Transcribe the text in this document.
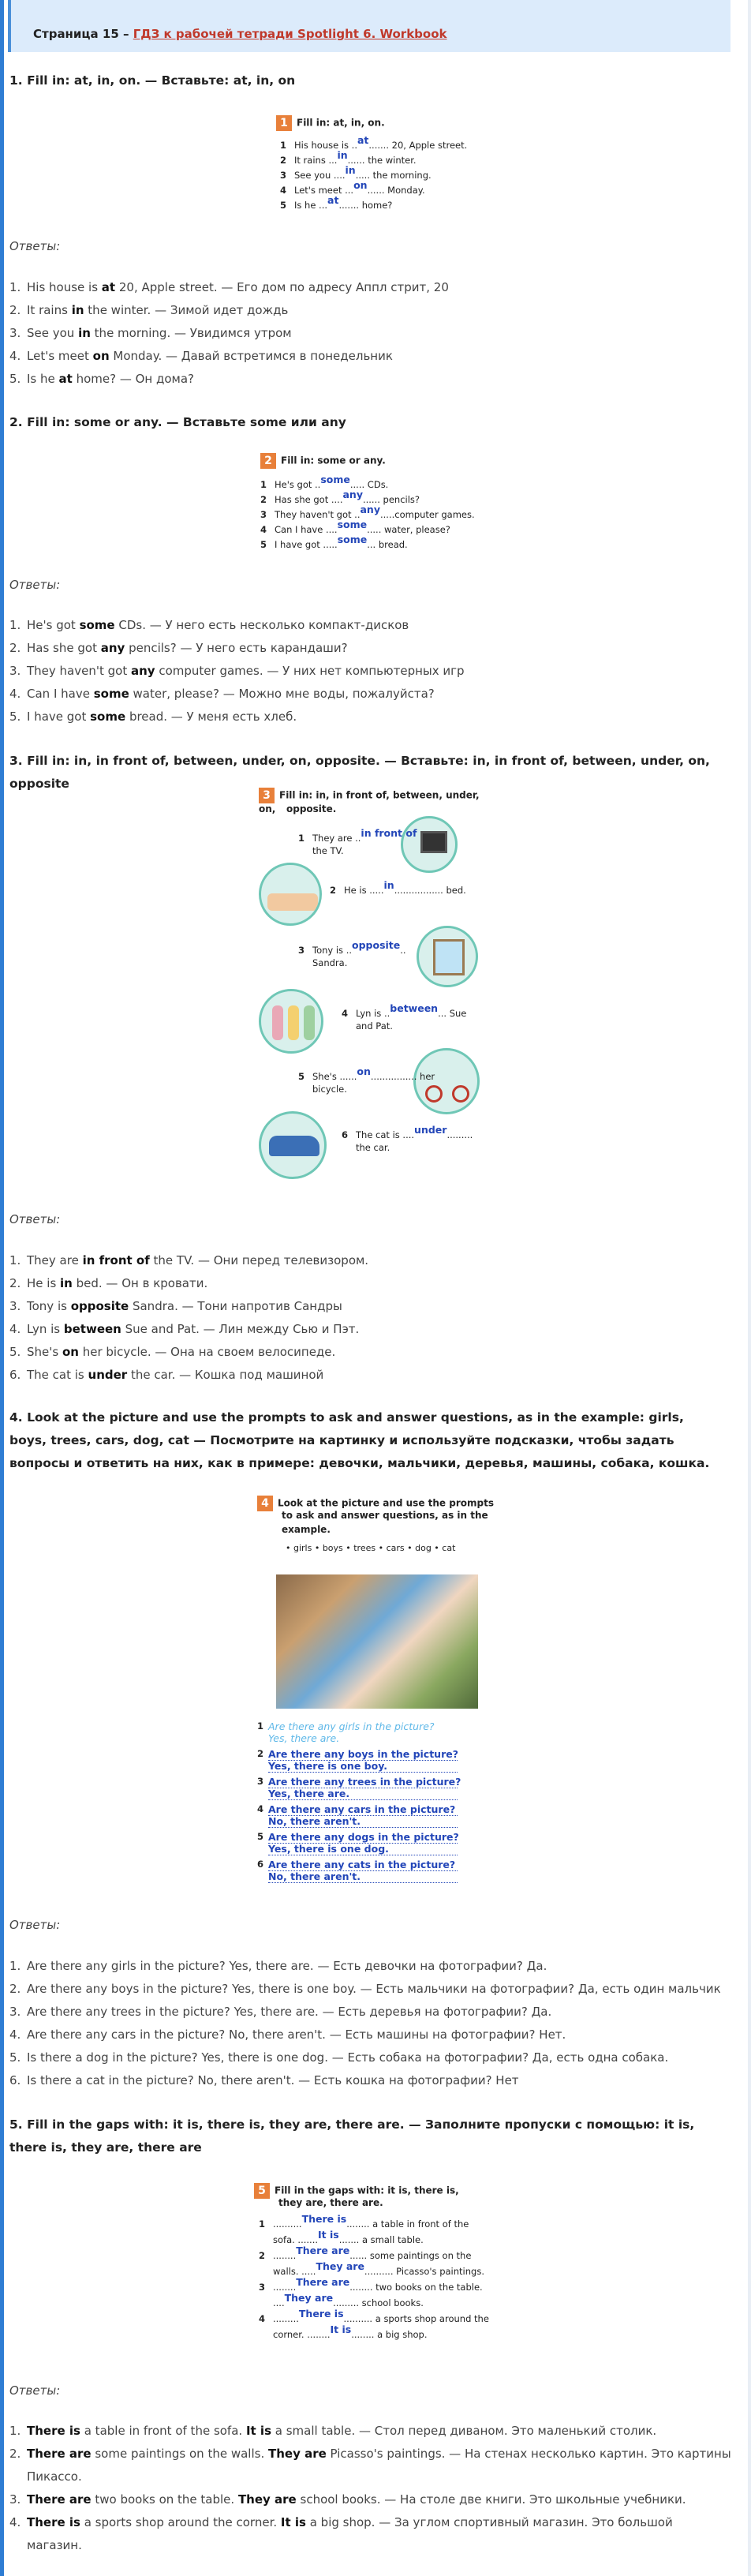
Страница 15 – ГДЗ к рабочей тетради Spotlight 6. Workbook
1. Fill in: at, in, on. — Вставьте: at, in, on
1 Fill in: at, in, on.
1 His house is ..at....... 20, Apple street.
2 It rains ...in...... the winter.
3 See you ....in..... the morning.
4 Let's meet ...on...... Monday.
5 Is he ...at....... home?
Ответы:
1. His house is at 20, Apple street. — Его дом по адресу Аппл стрит, 20
2. It rains in the winter. — Зимой идет дождь
3. See you in the morning. — Увидимся утром
4. Let's meet on Monday. — Давай встретимся в понедельник
5. Is he at home? — Он дома?
2. Fill in: some or any. — Вставьте some или any
2 Fill in: some or any.
1 He's got ..some..... CDs.
2 Has she got ....any...... pencils?
3 They haven't got ..any.....computer games.
4 Can I have ....some..... water, please?
5 I have got .....some... bread.
Ответы:
1. He's got some CDs. — У него есть несколько компакт-дисков
2. Has she got any pencils? — У него есть карандаши?
3. They haven't got any computer games. — У них нет компьютерных игр
4. Can I have some water, please? — Можно мне воды, пожалуйста?
5. I have got some bread. — У меня есть хлеб.
3. Fill in: in, in front of, between, under, on, opposite. — Вставьте: in, in front of, between, under, on, opposite
3 Fill in: in, in front of, between, under, on,	opposite.
1 They are ..in front of
the TV.
2 He is .....in................. bed.
3 Tony is ..opposite..
Sandra.
4 Lyn is ..between... Sue
and Pat.
5 She's ......on................ her
bicycle.
6 The cat is ....under.........
the car.
Ответы:
1. They are in front of the TV. — Они перед телевизором.
2. He is in bed. — Он в кровати.
3. Tony is opposite Sandra. — Тони напротив Сандры
4. Lyn is between Sue and Pat. — Лин между Сью и Пэт.
5. She's on her bicycle. — Она на своем велосипеде.
6. The cat is under the car. — Кошка под машиной
4. Look at the picture and use the prompts to ask and answer questions, as in the example: girls, boys, trees, cars, dog, cat — Посмотрите на картинку и используйте подсказки, чтобы задать вопросы и ответить на них, как в примере: девочки, мальчики, деревья, машины, собака, кошка.
4 Look at the picture and use the prompts
to ask and answer questions, as in the
example.
• girls • boys • trees • cars • dog • cat
1 Are there any girls in the picture?
Yes, there are.
2 Are there any boys in the picture?
Yes, there is one boy.
3 Are there any trees in the picture?
Yes, there are.
4 Are there any cars in the picture?
No, there aren't.
5 Are there any dogs in the picture?
Yes, there is one dog.
6 Are there any cats in the picture?
No, there aren't.
Ответы:
1. Are there any girls in the picture? Yes, there are. — Есть девочки на фотографии? Да.
2. Are there any boys in the picture? Yes, there is one boy. — Есть мальчики на фотографии? Да, есть один мальчик
3. Are there any trees in the picture? Yes, there are. — Есть деревья на фотографии? Да.
4. Are there any cars in the picture? No, there aren't. — Есть машины на фотографии? Нет.
5. Is there a dog in the picture? Yes, there is one dog. — Есть собака на фотографии? Да, есть одна собака.
6. Is there a cat in the picture? No, there aren't. — Есть кошка на фотографии? Нет
5. Fill in the gaps with: it is, there is, they are, there are. — Заполните пропуски с помощью: it is, there is, they are, there are
5 Fill in the gaps with: it is, there is,
they are, there are.
1 ..........There is........ a table in front of the
sofa. .......It is....... a small table.
2 ........There are...... some paintings on the
walls. .....They are.......... Picasso's paintings.
3 ........There are........ two books on the table.
....They are......... school books.
4 .........There is.......... a sports shop around the
corner. ........It is........ a big shop.
Ответы:
1. There is a table in front of the sofa. It is a small table. — Стол перед диваном. Это маленький столик.
2. There are some paintings on the walls. They are Picasso's paintings. — На стенах несколько картин. Это картины Пикассо.
3. There are two books on the table. They are school books. — На столе две книги. Это школьные учебники.
4. There is a sports shop around the corner. It is a big shop. — За углом спортивный магазин. Это большой магазин.
